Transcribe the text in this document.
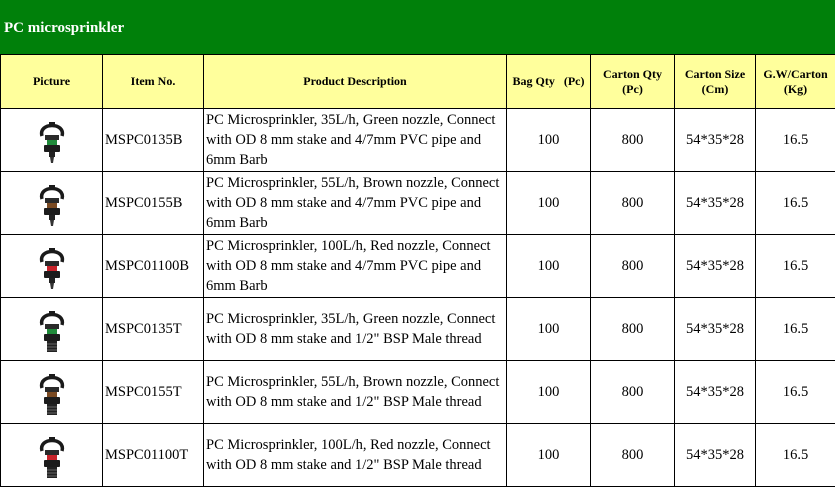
PC microsprinkler
Picture	Item No.	Product Description	Bag Qty   (Pc)	Carton Qty (Pc)	Carton Size (Cm)	G.W/Carton (Kg)

	MSPC0135B	PC Microsprinkler, 35L/h, Green nozzle, Connect with OD 8 mm stake and 4/7mm PVC pipe and 6mm Barb	100	800	54*35*28	16.5

	MSPC0155B	PC Microsprinkler, 55L/h, Brown nozzle, Connect with OD 8 mm stake and 4/7mm PVC pipe and 6mm Barb	100	800	54*35*28	16.5

	MSPC01100B	PC Microsprinkler, 100L/h, Red nozzle, Connect with OD 8 mm stake and 4/7mm PVC pipe and 6mm Barb	100	800	54*35*28	16.5

	MSPC0135T	PC Microsprinkler, 35L/h, Green nozzle, Connect with OD 8 mm stake and 1/2" BSP Male thread	100	800	54*35*28	16.5

	MSPC0155T	PC Microsprinkler, 55L/h, Brown nozzle, Connect with OD 8 mm stake and 1/2" BSP Male thread	100	800	54*35*28	16.5

	MSPC01100T	PC Microsprinkler, 100L/h, Red nozzle, Connect with OD 8 mm stake and 1/2" BSP Male thread	100	800	54*35*28	16.5
